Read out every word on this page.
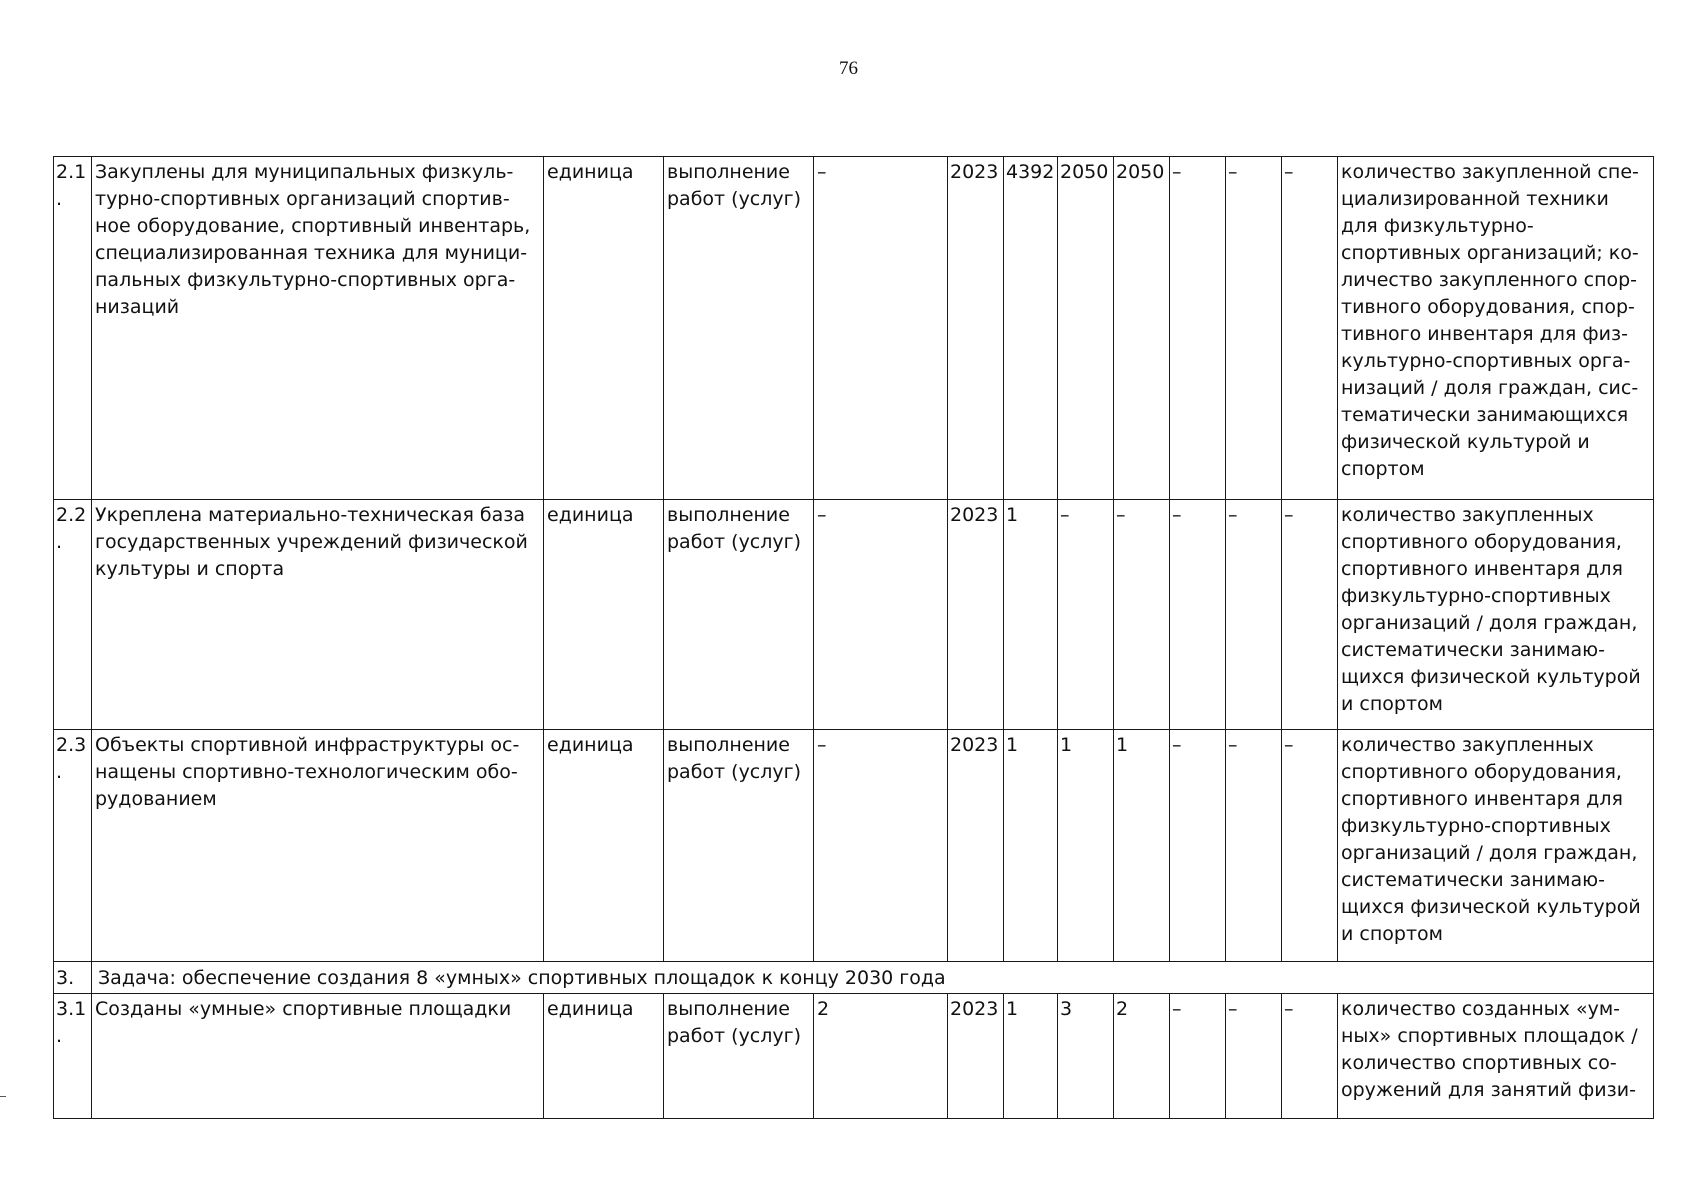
76
2.1.	Закуплены для муниципальных физкуль-турно-спортивных организаций спортив-ное оборудование, спортивный инвентарь, специализированная техника для муници-пальных физкультурно-спортивных орга-низаций	единица	выполнение работ (услуг)	–	2023	4392	2050	2050	–	–	–	количество закупленной спе-циализированной техники для физкультурно-спортивных организаций; ко-личество закупленного спор-тивного оборудования, спор-тивного инвентаря для физ-культурно-спортивных орга-низаций / доля граждан, сис-тематически занимающихся физической культурой и спортом
2.2.	Укреплена материально-техническая база государственных учреждений физической культуры и спорта	единица	выполнение работ (услуг)	–	2023	1	–	–	–	–	–	количество закупленных спортивного оборудования, спортивного инвентаря для физкультурно-спортивных организаций / доля граждан, систематически занимаю-щихся физической культурой и спортом
2.3.	Объекты спортивной инфраструктуры ос-нащены спортивно-технологическим обо-рудованием	единица	выполнение работ (услуг)	–	2023	1	1	1	–	–	–	количество закупленных спортивного оборудования, спортивного инвентаря для физкультурно-спортивных организаций / доля граждан, систематически занимаю-щихся физической культурой и спортом
3.	Задача: обеспечение создания 8 «умных» спортивных площадок к концу 2030 года											
3.1.	Созданы «умные» спортивные площадки	единица	выполнение работ (услуг)	2	2023	1	3	2	–	–	–	количество созданных «ум-ных» спортивных площадок / количество спортивных со-оружений для занятий физи-
